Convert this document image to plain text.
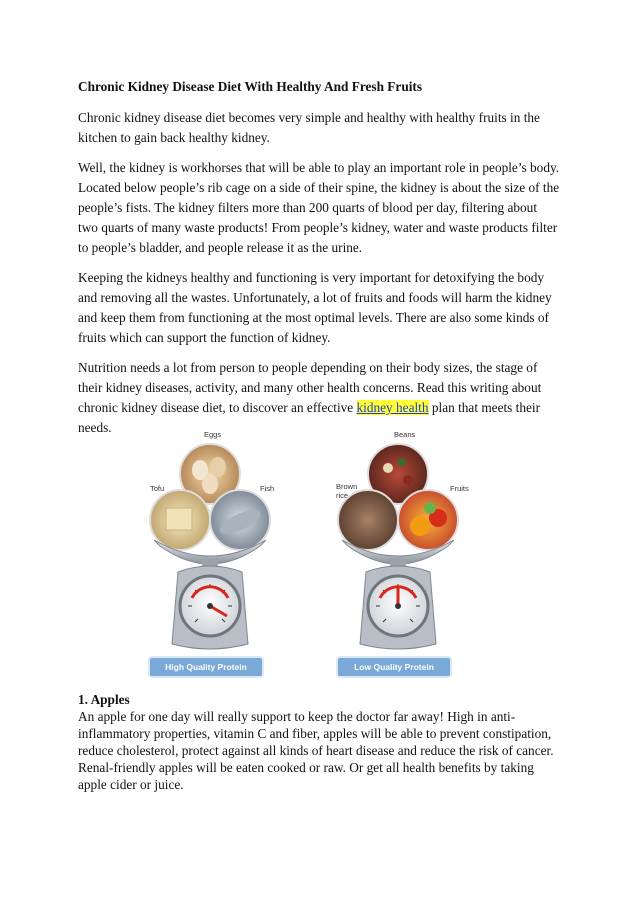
Chronic Kidney Disease Diet With Healthy And Fresh Fruits

Chronic kidney disease diet becomes very simple and healthy with healthy fruits in the kitchen to gain back healthy kidney.

Well, the kidney is workhorses that will be able to play an important role in people’s body. Located below people’s rib cage on a side of their spine, the kidney is about the size of the people’s fists. The kidney filters more than 200 quarts of blood per day, filtering about two quarts of many waste products! From people’s kidney, water and waste products filter to people’s bladder, and people release it as the urine.

Keeping the kidneys healthy and functioning is very important for detoxifying the body and removing all the wastes. Unfortunately, a lot of fruits and foods will harm the kidney and keep them from functioning at the most optimal levels. There are also some kinds of fruits which can support the function of kidney.

Nutrition needs a lot from person to people depending on their body sizes, the stage of their kidney diseases, activity, and many other health concerns. Read this writing about chronic kidney disease diet, to discover an effective kidney health plan that meets their needs.	Eggs
Tofu	Fish
High Quality Protein
Beans
Brown rice
Fruits
Low Quality Protein
1. Apples

An apple for one day will really support to keep the doctor far away! High in anti-inflammatory properties, vitamin C and fiber, apples will be able to prevent constipation, reduce cholesterol, protect against all kinds of heart disease and reduce the risk of cancer.

Renal-friendly apples will be eaten cooked or raw. Or get all health benefits by taking apple cider or juice.
